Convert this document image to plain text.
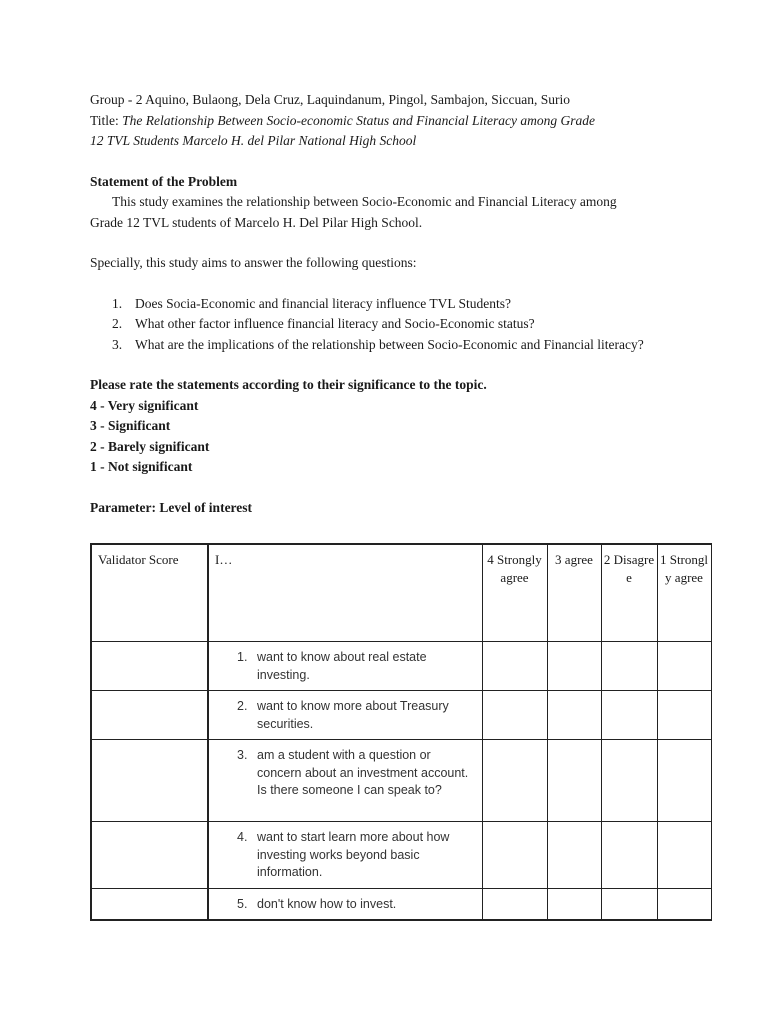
Group - 2 Aquino, Bulaong, Dela Cruz, Laquindanum, Pingol, Sambajon, Siccuan, Surio
Title: The Relationship Between Socio-economic Status and Financial Literacy among Grade
12 TVL Students Marcelo H. del Pilar National High School
Statement of the Problem
This study examines the relationship between Socio-Economic and Financial Literacy among
Grade 12 TVL students of Marcelo H. Del Pilar High School.
Specially, this study aims to answer the following questions:
1. Does Socia-Economic and financial literacy influence TVL Students?
2. What other factor influence financial literacy and Socio-Economic status?
3. What are the implications of the relationship between Socio-Economic and Financial literacy?
Please rate the statements according to their significance to the topic.
4 - Very significant
3 - Significant
2 - Barely significant
1 - Not significant
Parameter: Level of interest
Validator Score	I…	4 Strongly agree	3 agree	2 Disagree	1 Strongly agree

	1. want to know about real estate investing.				

	2. want to know more about Treasury securities.				

	3. am a student with a question or concern about an investment account. Is there someone I can speak to?				

	4. want to start learn more about how investing works beyond basic information.				

	5. don't know how to invest.				
